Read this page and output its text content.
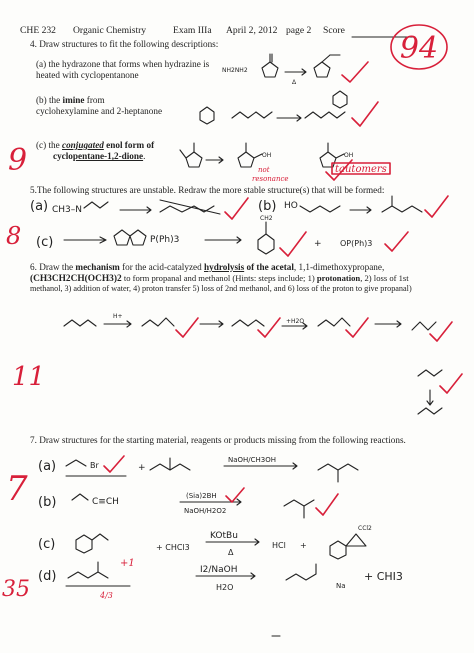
CHE 232 Organic Chemistry	Exam IIIa April 2, 2012 page 2 Score
4. Draw structures to fit the following descriptions:
(a) the hydrazone that forms when hydrazine is
heated with cyclopentanone
(b) the imine from
cyclohexylamine and 2-heptanone
(c) the conjugated enol form of
cyclopentane-1,2-dione.
5.The following structures are unstable. Redraw the more stable structure(s) that will be formed:
6. Draw the mechanism for the acid-catalyzed hydrolysis of the acetal, 1,1-dimethoxypropane,
(CH3CH2CH(OCH3)2 to form propanal and methanol (Hints: steps include; 1) protonation, 2) loss of 1st
methanol, 3) addition of water, 4) proton transfer 5) loss of 2nd methanol, and 6) loss of the proton to give propanal)
7. Draw structures for the starting material, reagents or products missing from the following reactions.
94
NH2NH2
Δ
9	OH	OH
not
resonance
tautomers
(a) CH3–N	(b) HO
8 (c)	P(Ph)3
CH2
+ OP(Ph)3
H+
+H2O
11
7
(a)	Br	+
NaOH/CH3OH
(b)	C≡CH
(Sia)2BH
NaOH/H2O2
(c)	+ CHCl3
KOtBu
Δ
HCl +
CCl2
35
(d)
+1
4/3
I2/NaOH
H2O	Na
+ CHI3
